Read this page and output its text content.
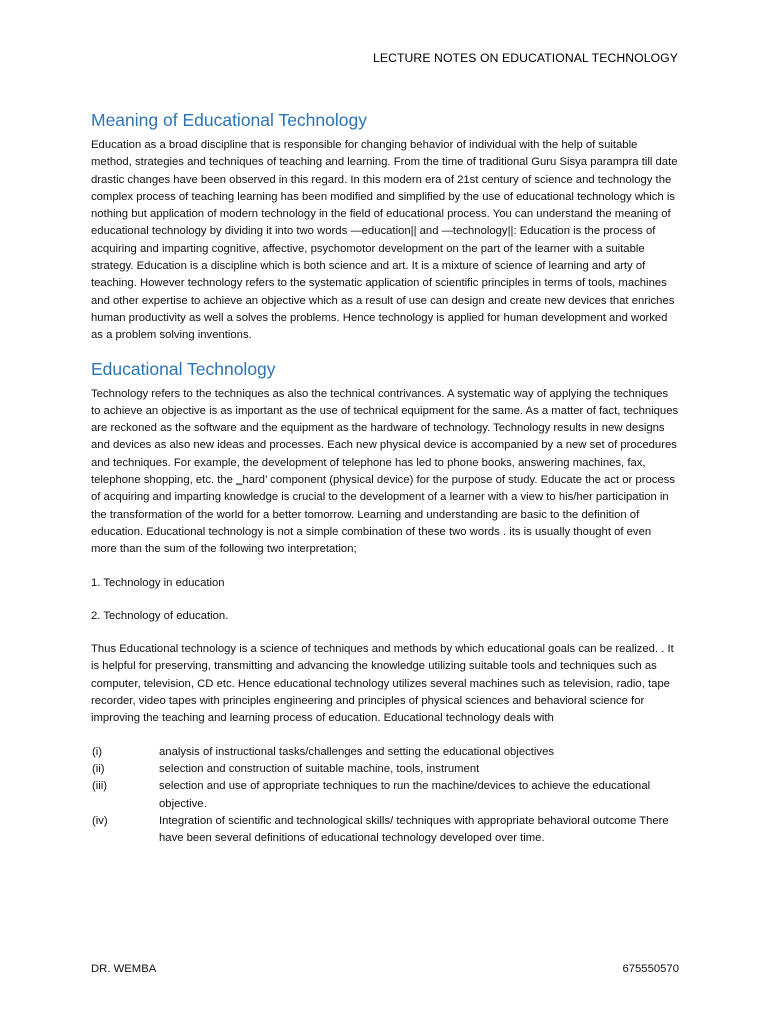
LECTURE NOTES ON EDUCATIONAL TECHNOLOGY
Meaning of Educational Technology

Education as a broad discipline that is responsible for changing behavior of individual with the help of suitable method, strategies and techniques of teaching and learning. From the time of traditional Guru Sisya parampra till date drastic changes have been observed in this regard. In this modern era of 21st century of science and technology the complex process of teaching learning has been modified and simplified by the use of educational technology which is nothing but application of modern technology in the field of educational process. You can understand the meaning of educational technology by dividing it into two words —education|| and —technology||: Education is the process of acquiring and imparting cognitive, affective, psychomotor development on the part of the learner with a suitable strategy. Education is a discipline which is both science and art. It is a mixture of science of learning and arty of teaching. However technology refers to the systematic application of scientific principles in terms of tools, machines and other expertise to achieve an objective which as a result of use can design and create new devices that enriches human productivity as well a solves the problems. Hence technology is applied for human development and worked as a problem solving inventions.

Educational Technology

Technology refers to the techniques as also the technical contrivances. A systematic way of applying the techniques to achieve an objective is as important as the use of technical equipment for the same. As a matter of fact, techniques are reckoned as the software and the equipment as the hardware of technology. Technology results in new designs and devices as also new ideas and processes. Each new physical device is accompanied by a new set of procedures and techniques. For example, the development of telephone has led to phone books, answering machines, fax, telephone shopping, etc. the ‗hard’ component (physical device) for the purpose of study. Educate the act or process of acquiring and imparting knowledge is crucial to the development of a learner with a view to his/her participation in the transformation of the world for a better tomorrow. Learning and understanding are basic to the definition of education. Educational technology is not a simple combination of these two words . its is usually thought of even more than the sum of the following two interpretation;

1. Technology in education

2. Technology of education.

Thus Educational technology is a science of techniques and methods by which educational goals can be realized. . It is helpful for preserving, transmitting and advancing the knowledge utilizing suitable tools and techniques such as computer, television, CD etc. Hence educational technology utilizes several machines such as television, radio, tape recorder, video tapes with principles engineering and principles of physical sciences and behavioral science for improving the teaching and learning process of education. Educational technology deals with

(i)	analysis of instructional tasks/challenges and setting the educational objectives
(ii)	selection and construction of suitable machine, tools, instrument
(iii)	selection and use of appropriate techniques to run the machine/devices to achieve the educational objective.
(iv)	Integration of scientific and technological skills/ techniques with appropriate behavioral outcome There have been several definitions of educational technology developed over time.
DR. WEMBA	675550570
